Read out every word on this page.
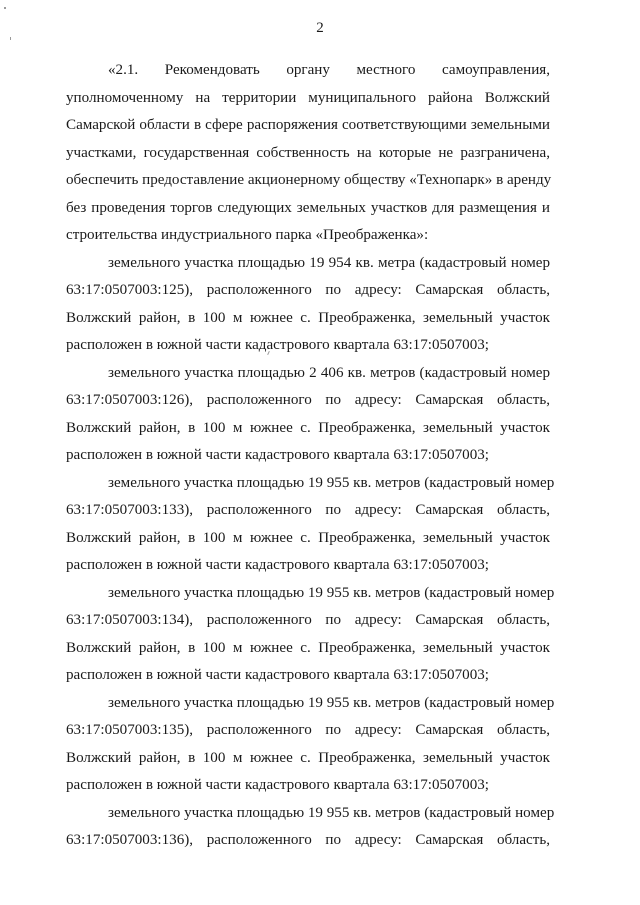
2
«2.1. Рекомендовать органу местного самоуправления,
уполномоченному на территории муниципального района Волжский
Самарской области в сфере распоряжения соответствующими земельными
участками, государственная собственность на которые не разграничена,
обеспечить предоставление акционерному обществу «Технопарк» в аренду
без проведения торгов следующих земельных участков для размещения и
строительства индустриального парка «Преображенка»:
земельного участка площадью 19 954 кв. метра (кадастровый номер
63:17:0507003:125), расположенного по адресу: Самарская область,
Волжский район, в 100 м южнее с. Преображенка, земельный участок
расположен в южной части кадастрового квартала 63:17:0507003;
земельного участка площадью 2 406 кв. метров (кадастровый номер
63:17:0507003:126), расположенного по адресу: Самарская область,
Волжский район, в 100 м южнее с. Преображенка, земельный участок
расположен в южной части кадастрового квартала 63:17:0507003;
земельного участка площадью 19 955 кв. метров (кадастровый номер
63:17:0507003:133), расположенного по адресу: Самарская область,
Волжский район, в 100 м южнее с. Преображенка, земельный участок
расположен в южной части кадастрового квартала 63:17:0507003;
земельного участка площадью 19 955 кв. метров (кадастровый номер
63:17:0507003:134), расположенного по адресу: Самарская область,
Волжский район, в 100 м южнее с. Преображенка, земельный участок
расположен в южной части кадастрового квартала 63:17:0507003;
земельного участка площадью 19 955 кв. метров (кадастровый номер
63:17:0507003:135), расположенного по адресу: Самарская область,
Волжский район, в 100 м южнее с. Преображенка, земельный участок
расположен в южной части кадастрового квартала 63:17:0507003;
земельного участка площадью 19 955 кв. метров (кадастровый номер
63:17:0507003:136), расположенного по адресу: Самарская область,
